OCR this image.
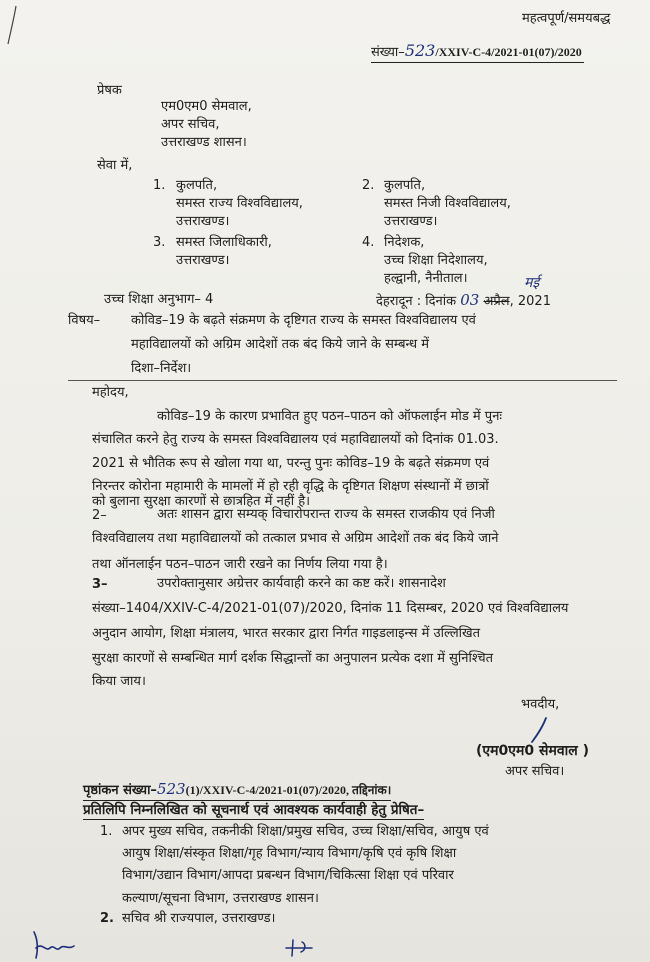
महत्वपूर्ण/समयबद्ध
संख्या–523/XXIV-C-4/2021-01(07)/2020
प्रेषक
एम0एम0 सेमवाल,
अपर सचिव,
उत्तराखण्ड शासन।
सेवा में,
1. कुलपति,
समस्त राज्य विश्वविद्यालय,
उत्तराखण्ड।
2. कुलपति,
समस्त निजी विश्वविद्यालय,
उत्तराखण्ड।
3. समस्त जिलाधिकारी,
उत्तराखण्ड।
4. निदेशक,
उच्च शिक्षा निदेशालय,
हल्द्वानी, नैनीताल।
उच्च शिक्षा अनुभाग– 4	देहरादून : दिनांक 03 अप्रैल, 2021
मई
विषय– कोविड–19 के बढ़ते संक्रमण के दृष्टिगत राज्य के समस्त विश्वविद्यालय एवं
महाविद्यालयों को अग्रिम आदेशों तक बंद किये जाने के सम्बन्ध में
दिशा–निर्देश।
महोदय,
कोविड–19 के कारण प्रभावित हुए पठन–पाठन को ऑफलाईन मोड में पुनः
संचालित करने हेतु राज्य के समस्त विश्वविद्यालय एवं महाविद्यालयों को दिनांक 01.03.
2021 से भौतिक रूप से खोला गया था, परन्तु पुनः कोविड–19 के बढ़ते संक्रमण एवं
निरन्तर कोरोना महामारी के मामलों में हो रही वृद्धि के दृष्टिगत शिक्षण संस्थानों में छात्रों
को बुलाना सुरक्षा कारणों से छात्रहित में नहीं है।
2–	अतः शासन द्वारा सम्यक् विचारोपरान्त राज्य के समस्त राजकीय एवं निजी
विश्वविद्यालय तथा महाविद्यालयों को तत्काल प्रभाव से अग्रिम आदेशों तक बंद किये जाने
तथा ऑनलाईन पठन–पाठन जारी रखने का निर्णय लिया गया है।
3–	उपरोक्तानुसार अग्रेत्तर कार्यवाही करने का कष्ट करें। शासनादेश
संख्या–1404/XXIV-C-4/2021-01(07)/2020, दिनांक 11 दिसम्बर, 2020 एवं विश्वविद्यालय
अनुदान आयोग, शिक्षा मंत्रालय, भारत सरकार द्वारा निर्गत गाइडलाइन्स में उल्लिखित
सुरक्षा कारणों से सम्बन्धित मार्ग दर्शक सिद्धान्तों का अनुपालन प्रत्येक दशा में सुनिश्चित
किया जाय।
भवदीय,
(एम0एम0 सेमवाल )
अपर सचिव।
पृष्ठांकन संख्या–523(1)/XXIV-C-4/2021-01(07)/2020, तद्दिनांक।
प्रतिलिपि निम्नलिखित को सूचनार्थ एवं आवश्यक कार्यवाही हेतु प्रेषित–
1. अपर मुख्य सचिव, तकनीकी शिक्षा/प्रमुख सचिव, उच्च शिक्षा/सचिव, आयुष एवं
आयुष शिक्षा/संस्कृत शिक्षा/गृह विभाग/न्याय विभाग/कृषि एवं कृषि शिक्षा
विभाग/उद्यान विभाग/आपदा प्रबन्धन विभाग/चिकित्सा शिक्षा एवं परिवार
कल्याण/सूचना विभाग, उत्तराखण्ड शासन।
2. सचिव श्री राज्यपाल, उत्तराखण्ड।
